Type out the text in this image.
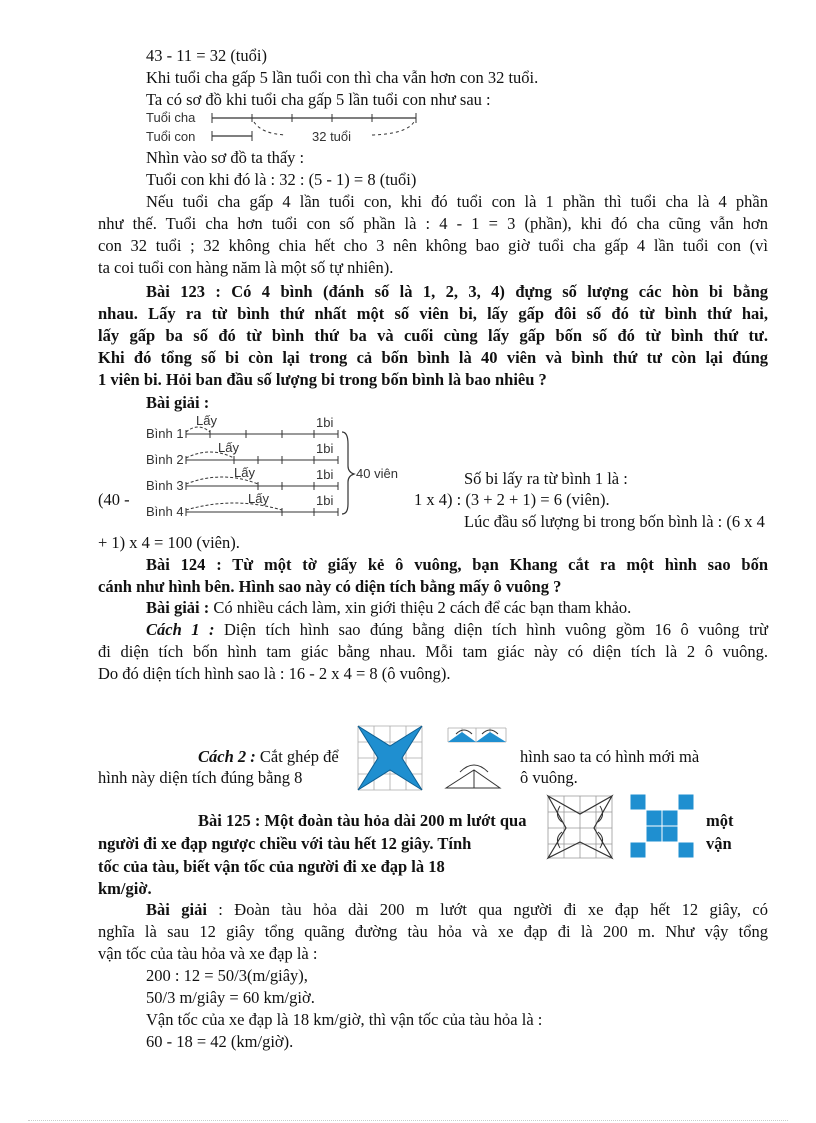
43 - 11 = 32 (tuổi)
Khi tuổi cha gấp 5 lần tuổi con thì cha vẫn hơn con 32 tuổi.
Ta có sơ đồ khi tuổi cha gấp 5 lần tuổi con như sau :
Tuổi cha
Tuổi con	32 tuổi
Nhìn vào sơ đồ ta thấy :
Tuổi con khi đó là : 32 : (5 - 1) = 8 (tuổi)
Nếu tuổi cha gấp 4 lần tuổi con, khi đó tuổi con là 1 phần thì tuổi cha là 4 phần
như thế. Tuổi cha hơn tuổi con số phần là : 4 - 1 = 3 (phần), khi đó cha cũng vẫn hơn
con 32 tuổi ; 32 không chia hết cho 3 nên không bao giờ tuổi cha gấp 4 lần tuổi con (vì
ta coi tuổi con hàng năm là một số tự nhiên).
Bài 123 : Có 4 bình (đánh số là 1, 2, 3, 4) đựng số lượng các hòn bi bằng
nhau. Lấy ra từ bình thứ nhất một số viên bi, lấy gấp đôi số đó từ bình thứ hai,
lấy gấp ba số đó từ bình thứ ba và cuối cùng lấy gấp bốn số đó từ bình thứ tư.
Khi đó tổng số bi còn lại trong cả bốn bình là 40 viên và bình thứ tư còn lại đúng
1 viên bi. Hỏi ban đầu số lượng bi trong bốn bình là bao nhiêu ?
Bài giải :
Bình 1
Bình 2
Bình 3
Bình 4
Lấy
Lấy
Lấy
Lấy
1bi
1bi
1bi
1bi
40 viên	Số bi lấy ra từ bình 1 là :
(40 -	1 x 4) : (3 + 2 + 1) = 6 (viên).
Lúc đầu số lượng bi trong bốn bình là : (6 x 4
+ 1) x 4 = 100 (viên).
Bài 124 : Từ một tờ giấy kẻ ô vuông, bạn Khang cắt ra một hình sao bốn
cánh như hình bên. Hình sao này có diện tích bằng mấy ô vuông ?
Bài giải : Có nhiều cách làm, xin giới thiệu 2 cách để các bạn tham khảo.
Cách 1 : Diện tích hình sao đúng bằng diện tích hình vuông gồm 16 ô vuông trừ
đi diện tích bốn hình tam giác bằng nhau. Mỗi tam giác này có diện tích là 2 ô vuông.
Do đó diện tích hình sao là : 16 - 2 x 4 = 8 (ô vuông).
Cách 2 : Cắt ghép để	hình sao ta có hình mới mà
hình này diện tích đúng bằng 8	ô vuông.
Bài 125 : Một đoàn tàu hỏa dài 200 m lướt qua	một
người đi xe đạp ngược chiều với tàu hết 12 giây. Tính	vận
tốc của tàu, biết vận tốc của người đi xe đạp là 18
km/giờ.
Bài giải : Đoàn tàu hỏa dài 200 m lướt qua người đi xe đạp hết 12 giây, có
nghĩa là sau 12 giây tổng quãng đường tàu hỏa và xe đạp đi là 200 m. Như vậy tổng
vận tốc của tàu hỏa và xe đạp là :
200 : 12 = 50/3(m/giây),
50/3 m/giây = 60 km/giờ.
Vận tốc của xe đạp là 18 km/giờ, thì vận tốc của tàu hỏa là :
60 - 18 = 42 (km/giờ).
